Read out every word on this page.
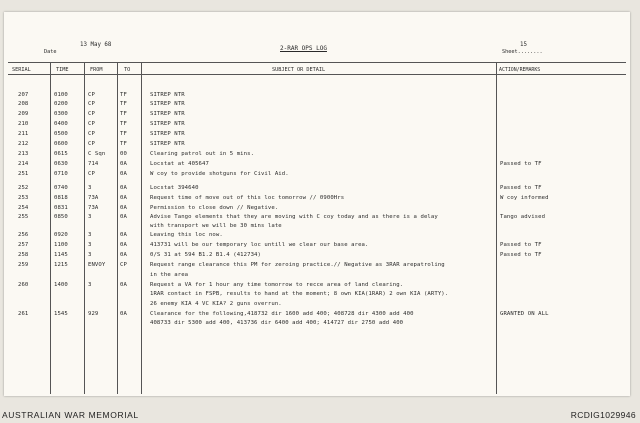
Date
13 May 68	2-RAR OPS LOG	15
Sheet........
SERIAL	TIME	FROM	TO	SUBJECT OR DETAIL	ACTION/REMARKS
207	0100	CP	TF	SITREP NTR
208	0200	CP	TF	SITREP NTR
209	0300	CP	TF	SITREP NTR
210	0400	CP	TF	SITREP NTR
211	0500	CP	TF	SITREP NTR
212	0600	CP	TF	SITREP NTR
213	0615	C Sqn	00	Clearing patrol out in 5 mins.
214	0630	714	0A	Locstat at 405647	Passed to TF
251	0710	CP	0A	W coy to provide shotguns for Civil Aid.
252	0740	3	0A	Locstat 394640	Passed to TF
253	0818	73A	0A	Request time of move out of this loc tomorrow // 0900Hrs	W coy informed
254	0831	73A	0A	Permission to close down // Negative.
255	0850	3	0A	Advise Tango elements that they are moving with C coy today and as there is a delay	Tango advised
with transport we will be 30 mins late
256	0920	3	0A	Leaving this loc now.
257	1100	3	0A	413731 will be our temporary loc untill we clear our base area.	Passed to TF
258	1145	3	0A	0/S 31 at 594 B1.2 B1.4 (412734)	Passed to TF
259	1215	ENVOY	CP	Request range clearance this PM for zeroing practice.// Negative as 3RAR arepatroling
in the area
260	1400	3	0A	Request a VA for 1 hour any time tomorrow to recce area of land clearing.
1RAR contact in FSPB, results to hand at the moment; 8 own KIA(1RAR) 2 own KIA (ARTY).
26 enemy KIA 4 VC KIA? 2 guns overrun.
261	1545	929	0A	Clearance for the following,418732 dir 1600 add 400; 408728 dir 4300 add 400	GRANTED ON ALL
408733 dir 5300 add 400, 413736 dir 6400 add 400; 414727 dir 2750 add 400
AUSTRALIAN WAR MEMORIAL	RCDIG1029946
